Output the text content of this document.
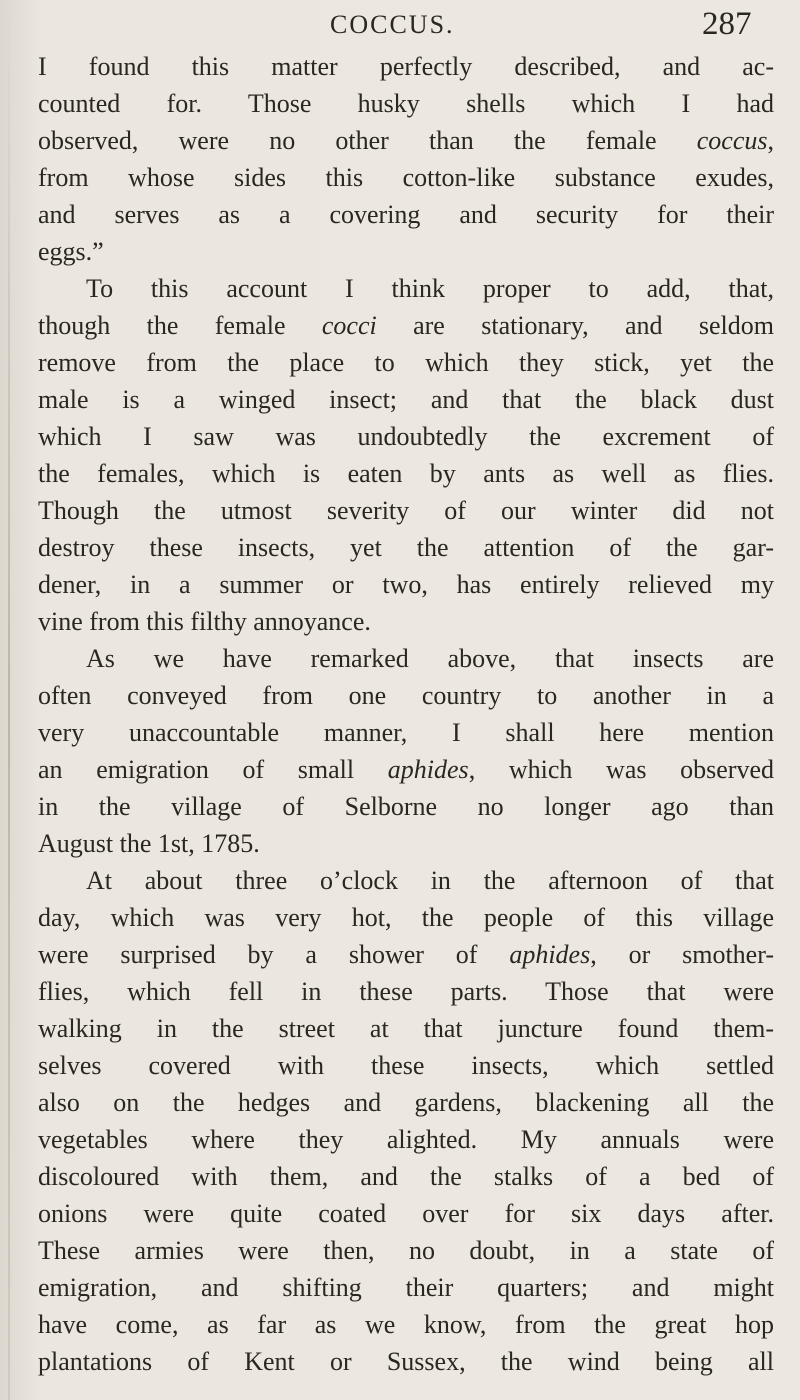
COCCUS.	287
I found this matter perfectly described, and ac-
counted for. Those husky shells which I had
observed, were no other than the female coccus,
from whose sides this cotton-like substance exudes,
and serves as a covering and security for their
eggs.”
To this account I think proper to add, that,
though the female cocci are stationary, and seldom
remove from the place to which they stick, yet the
male is a winged insect; and that the black dust
which I saw was undoubtedly the excrement of
the females, which is eaten by ants as well as flies.
Though the utmost severity of our winter did not
destroy these insects, yet the attention of the gar-
dener, in a summer or two, has entirely relieved my
vine from this filthy annoyance.
As we have remarked above, that insects are
often conveyed from one country to another in a
very unaccountable manner, I shall here mention
an emigration of small aphides, which was observed
in the village of Selborne no longer ago than
August the 1st, 1785.
At about three o’clock in the afternoon of that
day, which was very hot, the people of this village
were surprised by a shower of aphides, or smother-
flies, which fell in these parts. Those that were
walking in the street at that juncture found them-
selves covered with these insects, which settled
also on the hedges and gardens, blackening all the
vegetables where they alighted. My annuals were
discoloured with them, and the stalks of a bed of
onions were quite coated over for six days after.
These armies were then, no doubt, in a state of
emigration, and shifting their quarters; and might
have come, as far as we know, from the great hop
plantations of Kent or Sussex, the wind being all
